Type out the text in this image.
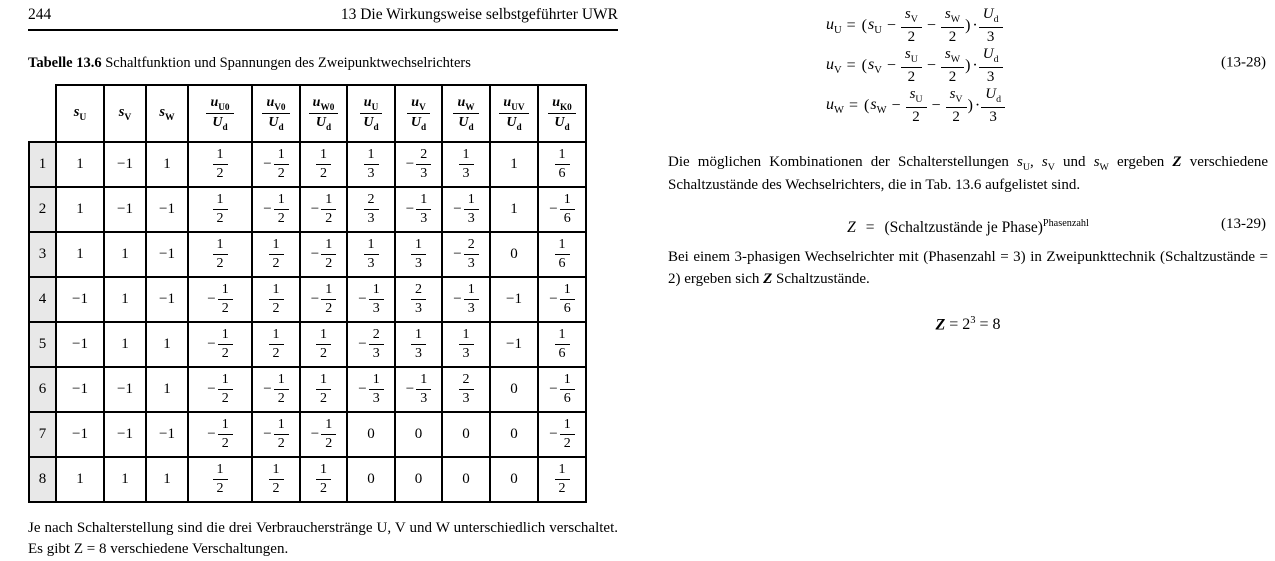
244	13 Die Wirkungsweise selbstgeführter UWR
Tabelle 13.6 Schaltfunktion und Spannungen des Zweipunktwechselrichters
	$s_U$	$s_V$	$s_W$	$\frac{u_{U0}}{U_d}$	$\frac{u_{V0}}{U_d}$	$\frac{u_{W0}}{U_d}$	$\frac{u_U}{U_d}$	$\frac{u_V}{U_d}$	$\frac{u_W}{U_d}$	$\frac{u_{UV}}{U_d}$	$\frac{u_{K0}}{U_d}$

1	1	−1	1	$\frac{1}{2}$	− $\frac{1}{2}$	$\frac{1}{2}$	$\frac{1}{3}$	− $\frac{2}{3}$	$\frac{1}{3}$	1	$\frac{1}{6}$

2	1	−1	−1	$\frac{1}{2}$	− $\frac{1}{2}$	− $\frac{1}{2}$	$\frac{2}{3}$	− $\frac{1}{3}$	− $\frac{1}{3}$	1	− $\frac{1}{6}$

3	1	1	−1	$\frac{1}{2}$	$\frac{1}{2}$	− $\frac{1}{2}$	$\frac{1}{3}$	$\frac{1}{3}$	− $\frac{2}{3}$	0	$\frac{1}{6}$

4	−1	1	−1	− $\frac{1}{2}$	$\frac{1}{2}$	− $\frac{1}{2}$	− $\frac{1}{3}$	$\frac{2}{3}$	− $\frac{1}{3}$	−1	− $\frac{1}{6}$

5	−1	1	1	− $\frac{1}{2}$	$\frac{1}{2}$	$\frac{1}{2}$	− $\frac{2}{3}$	$\frac{1}{3}$	$\frac{1}{3}$	−1	$\frac{1}{6}$

6	−1	−1	1	− $\frac{1}{2}$	− $\frac{1}{2}$	$\frac{1}{2}$	− $\frac{1}{3}$	− $\frac{1}{3}$	$\frac{2}{3}$	0	− $\frac{1}{6}$

7	−1	−1	−1	− $\frac{1}{2}$	− $\frac{1}{2}$	− $\frac{1}{2}$	0	0	0	0	− $\frac{1}{2}$

8	1	1	1	$\frac{1}{2}$	$\frac{1}{2}$	$\frac{1}{2}$	0	0	0	0	$\frac{1}{2}$

Je nach Schalterstellung sind die drei Verbraucherstränge U, V und W unterschiedlich verschaltet. Es gibt Z = 8 verschiedene Verschaltungen.

$u_U$ = ( $s_U - \frac{s_V}{2} - \frac{s_W}{2}$ ) · $\frac{U_d}{3}$
$u_V$ = ( $s_V - \frac{s_U}{2} - \frac{s_W}{2}$ ) · $\frac{U_d}{3}$
$u_W$ = ( $s_W - \frac{s_U}{2} - \frac{s_V}{2}$ ) · $\frac{U_d}{3}$
(13-28)

Die möglichen Kombinationen der Schalterstellungen $s_U$, $s_V$ und $s_W$ ergeben Z verschiedene Schaltzustände des Wechselrichters, die in Tab. 13.6 aufgelistet sind.

Z = (Schaltzustände je Phase)$^{Phasenzahl}$	(13-29)

Bei einem 3-phasigen Wechselrichter mit (Phasenzahl = 3) in Zweipunkttechnik (Schaltzustände = 2) ergeben sich Z Schaltzustände.

$Z = 2^3 = 8$
